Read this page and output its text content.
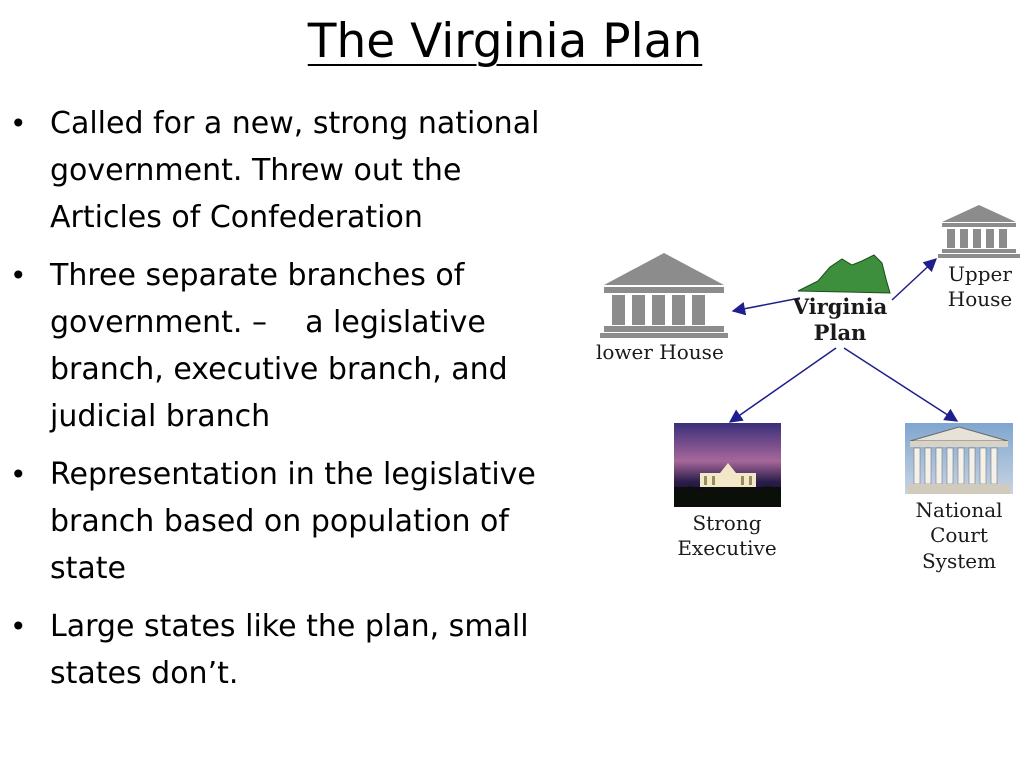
The Virginia Plan
• Called for a new, strong national government. Threw out the Articles of Confederation
• Three separate branches of government. –    a legislative branch, executive branch, and judicial branch
• Representation in the legislative branch based on population of state
• Large states like the plan, small states don’t.
lower House
Upper
House
Virginia
Plan
Strong
Executive
National
Court
System
